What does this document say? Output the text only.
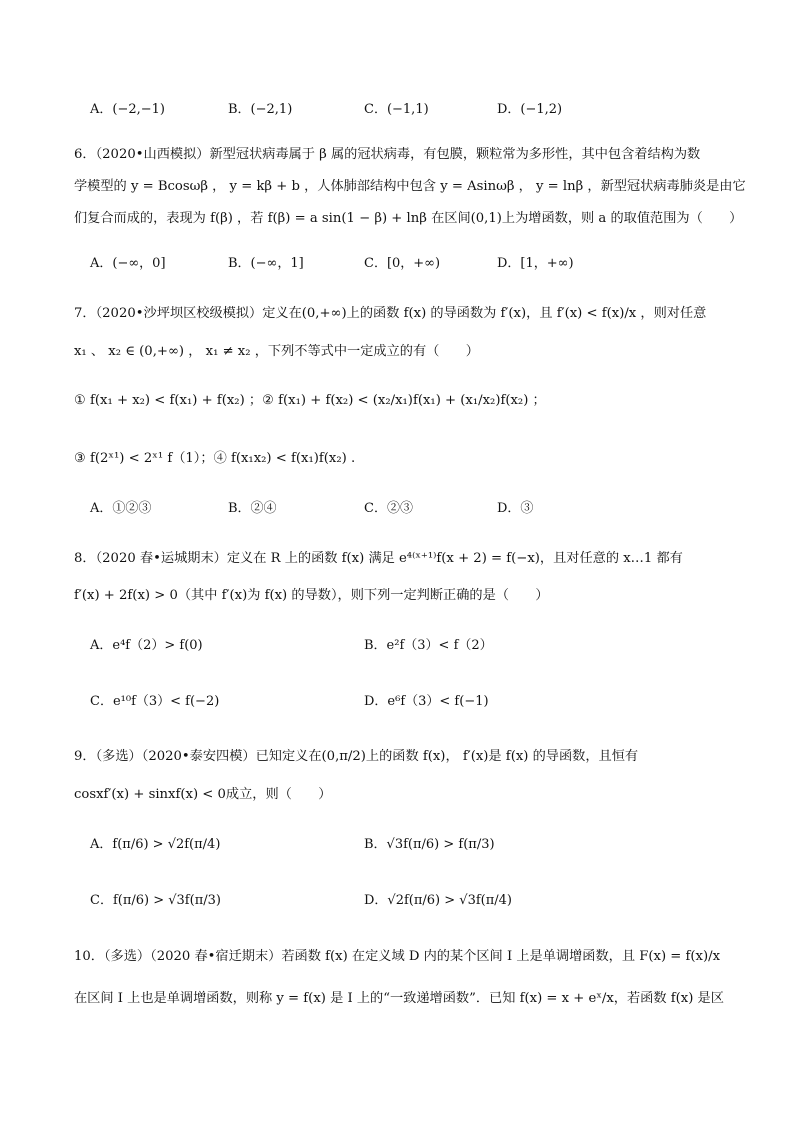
A．(−2,−1)	B．(−2,1)	C．(−1,1)	D．(−1,2)
6．（2020•山西模拟）新型冠状病毒属于 β 属的冠状病毒，有包膜，颗粒常为多形性，其中包含着结构为数
学模型的 y = Bcosωβ ， y = kβ + b ，人体肺部结构中包含 y = Asinωβ ， y = lnβ ，新型冠状病毒肺炎是由它
们复合而成的，表现为 f(β) ，若 f(β) = a sin(1 − β) + lnβ 在区间(0,1)上为增函数，则 a 的取值范围为（　　）
A．(−∞，0]	B．(−∞，1]	C．[0，+∞)	D．[1，+∞)
7．（2020•沙坪坝区校级模拟）定义在(0,+∞)上的函数 f(x) 的导函数为 f′(x)，且 f′(x) < f(x)/x ，则对任意
x₁ 、 x₂ ∈ (0,+∞) ， x₁ ≠ x₂ ，下列不等式中一定成立的有（　　）
① f(x₁ + x₂) < f(x₁) + f(x₂) ；② f(x₁) + f(x₂) < (x₂/x₁)f(x₁) + (x₁/x₂)f(x₂) ；
③ f(2ˣ¹) < 2ˣ¹ f（1）；④ f(x₁x₂) < f(x₁)f(x₂) .
A．①②③	B．②④	C．②③	D．③
8．（2020 春•运城期末）定义在 R 上的函数 f(x) 满足 e⁴⁽ˣ⁺¹⁾f(x + 2) = f(−x)，且对任意的 x…1 都有
f′(x) + 2f(x) > 0（其中 f′(x)为 f(x) 的导数），则下列一定判断正确的是（　　）
A．e⁴f（2）> f(0)	B．e²f（3）< f（2）
C．e¹⁰f（3）< f(−2)	D．e⁶f（3）< f(−1)
9．（多选）（2020•泰安四模）已知定义在(0,π/2)上的函数 f(x)， f′(x)是 f(x) 的导函数，且恒有
cosxf′(x) + sinxf(x) < 0成立，则（　　）
A．f(π/6) > √2f(π/4)	B．√3f(π/6) > f(π/3)
C．f(π/6) > √3f(π/3)	D．√2f(π/6) > √3f(π/4)
10．（多选）（2020 春•宿迁期末）若函数 f(x) 在定义域 D 内的某个区间 I 上是单调增函数，且 F(x) = f(x)/x
在区间 I 上也是单调增函数，则称 y = f(x) 是 I 上的“一致递增函数”．已知 f(x) = x + eˣ/x，若函数 f(x) 是区
